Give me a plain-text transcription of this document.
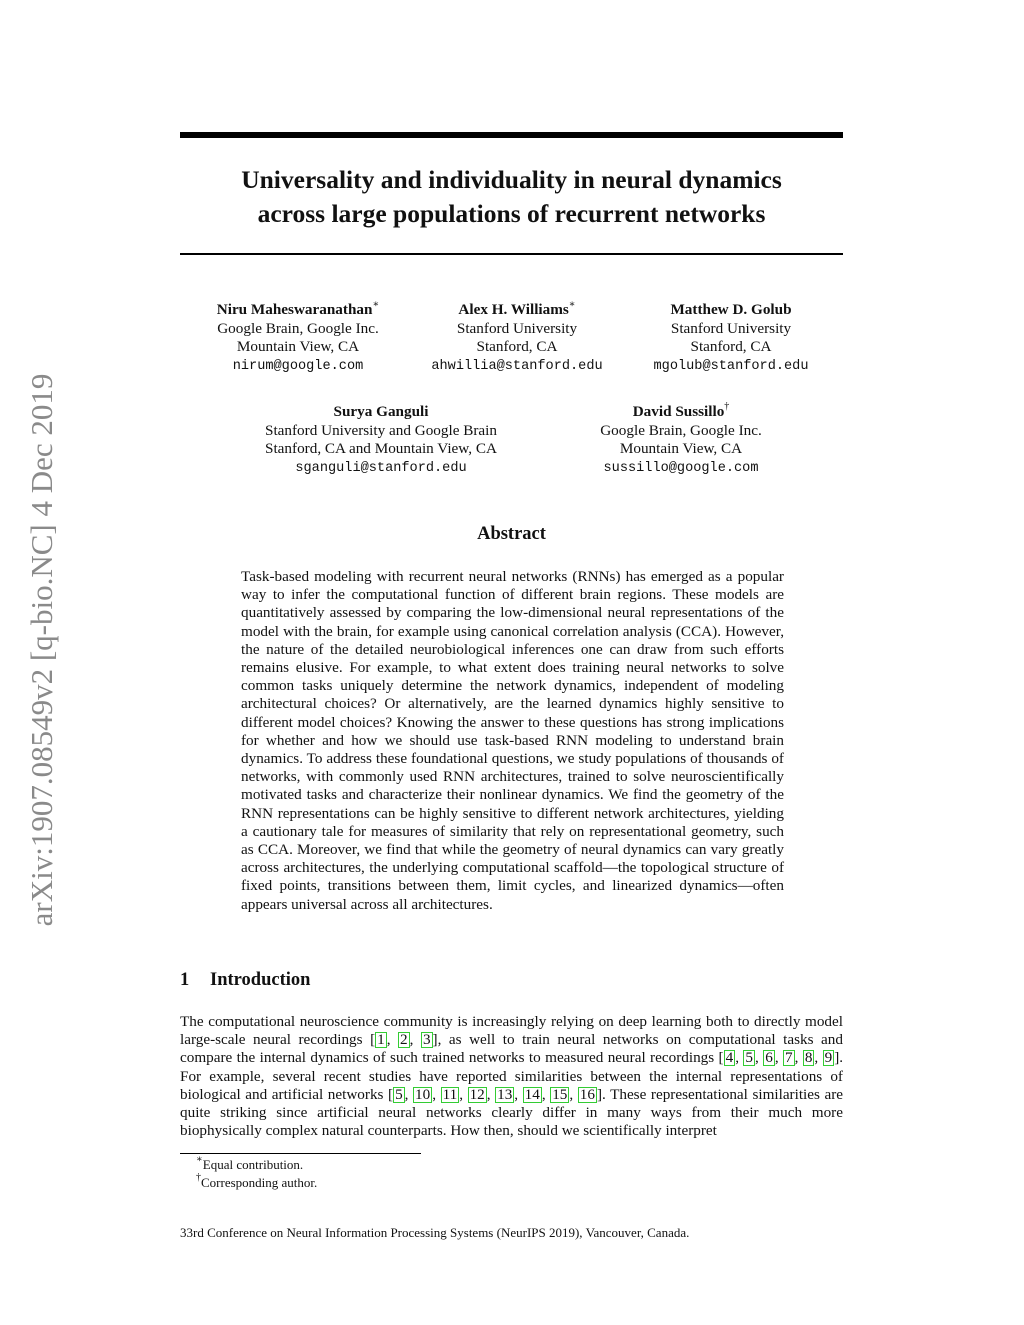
arXiv:1907.08549v2 [q-bio.NC] 4 Dec 2019
Universality and individuality in neural dynamics
across large populations of recurrent networks
Niru Maheswaranathan∗
Google Brain, Google Inc.
Mountain View, CA
nirum@google.com
Alex H. Williams∗
Stanford University
Stanford, CA
ahwillia@stanford.edu
Matthew D. Golub
Stanford University
Stanford, CA
mgolub@stanford.edu
Surya Ganguli
Stanford University and Google Brain
Stanford, CA and Mountain View, CA
sganguli@stanford.edu
David Sussillo†
Google Brain, Google Inc.
Mountain View, CA
sussillo@google.com
Abstract

Task-based modeling with recurrent neural networks (RNNs) has emerged as a popular way to infer the computational function of different brain regions. These models are quantitatively assessed by comparing the low-dimensional neural representations of the model with the brain, for example using canonical correlation analysis (CCA). However, the nature of the detailed neurobiological inferences one can draw from such efforts remains elusive. For example, to what extent does training neural networks to solve common tasks uniquely determine the network dynamics, independent of modeling architectural choices? Or alternatively, are the learned dynamics highly sensitive to different model choices? Knowing the answer to these questions has strong implications for whether and how we should use task-based RNN modeling to understand brain dynamics. To address these foundational questions, we study populations of thousands of networks, with commonly used RNN architectures, trained to solve neuroscientifically motivated tasks and characterize their nonlinear dynamics. We find the geometry of the RNN representations can be highly sensitive to different network architectures, yielding a cautionary tale for measures of similarity that rely on representational geometry, such as CCA. Moreover, we find that while the geometry of neural dynamics can vary greatly across architectures, the underlying computational scaffold—the topological structure of fixed points, transitions between them, limit cycles, and linearized dynamics—often appears universal across all architectures.

1 Introduction

The computational neuroscience community is increasingly relying on deep learning both to directly model large-scale neural recordings [ 1 , 2 , 3 ], as well to train neural networks on computational tasks and compare the internal dynamics of such trained networks to measured neural recordings [ 4 , 5 , 6 , 7 , 8 , 9 ]. For example, several recent studies have reported similarities between the internal representations of biological and artificial networks [ 5 , 10 , 11 , 12 , 13 , 14 , 15 , 16 ]. These representational similarities are quite striking since artificial neural networks clearly differ in many ways from their much more biophysically complex natural counterparts. How then, should we scientifically interpret

∗Equal contribution.
†Corresponding author.
33rd Conference on Neural Information Processing Systems (NeurIPS 2019), Vancouver, Canada.
